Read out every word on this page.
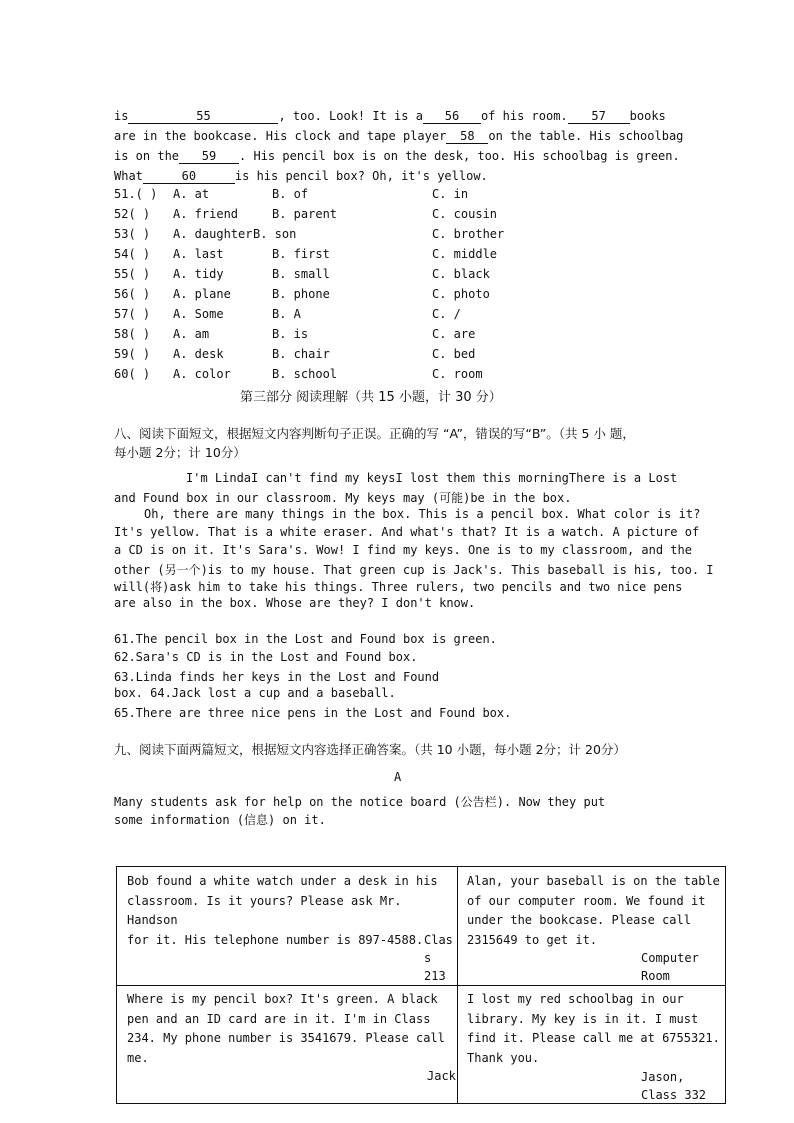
is	55	, too. Look! It is a 56 of his room. 57 books
are in the bookcase. His clock and tape player 58 on the table. His schoolbag
is on the 59 . His pencil box is on the desk, too. His schoolbag is green.
What	60	is his pencil box? Oh, it's yellow.
51.( ) A. at	B. of	C. in
52( ) A. friend	B. parent	C. cousin
53( ) A. daughter B. son	C. brother
54( ) A. last	B. first	C. middle
55( ) A. tidy	B. small	C. black
56( ) A. plane	B. phone	C. photo
57( ) A. Some	B. A	C. /
58( ) A. am	B. is	C. are
59( ) A. desk	B. chair	C. bed
60( ) A. color	B. school	C. room
第三部分 阅读理解（共 15 小题，计 30 分）
八、阅读下面短文，根据短文内容判断句子正误。正确的写 “A”，错误的写“B”。（共 5 小 题，
每小题 2分；计 10分）
I'm LindaI can't find my keysI lost them this morningThere is a Lost
and Found box in our classroom. My keys may (可能)be in the box.
Oh, there are many things in the box. This is a pencil box. What color is it?
It's yellow. That is a white eraser. And what's that? It is a watch. A picture of
a CD is on it. It's Sara's. Wow! I find my keys. One is to my classroom, and the
other (另一个)is to my house. That green cup is Jack's. This baseball is his, too. I
will(将)ask him to take his things. Three rulers, two pencils and two nice pens
are also in the box. Whose are they? I don't know.
61.The pencil box in the Lost and Found box is green.
62.Sara's CD is in the Lost and Found box.
63.Linda finds her keys in the Lost and Found
box. 64.Jack lost a cup and a baseball.
65.There are three nice pens in the Lost and Found box.
九、阅读下面两篇短文，根据短文内容选择正确答案。（共 10 小题，每小题 2分；计 20分）
A
Many students ask for help on the notice board (公告栏). Now they put
some information (信息) on it.
Bob found a white watch under a desk in his
classroom. Is it yours? Please ask Mr. Handson
for it. His telephone number is 897-4588. Clas
s
213
Alan, your baseball is on the table
of our computer room. We found it
under the bookcase. Please call
2315649 to get it.
Computer
Room
Where is my pencil box? It's green. A black
pen and an ID card are in it. I'm in Class
234. My phone number is 3541679. Please call
me.
Jack
I lost my red schoolbag in our
library. My key is in it. I must
find it. Please call me at 6755321.
Thank you.
Jason,
Class 332
